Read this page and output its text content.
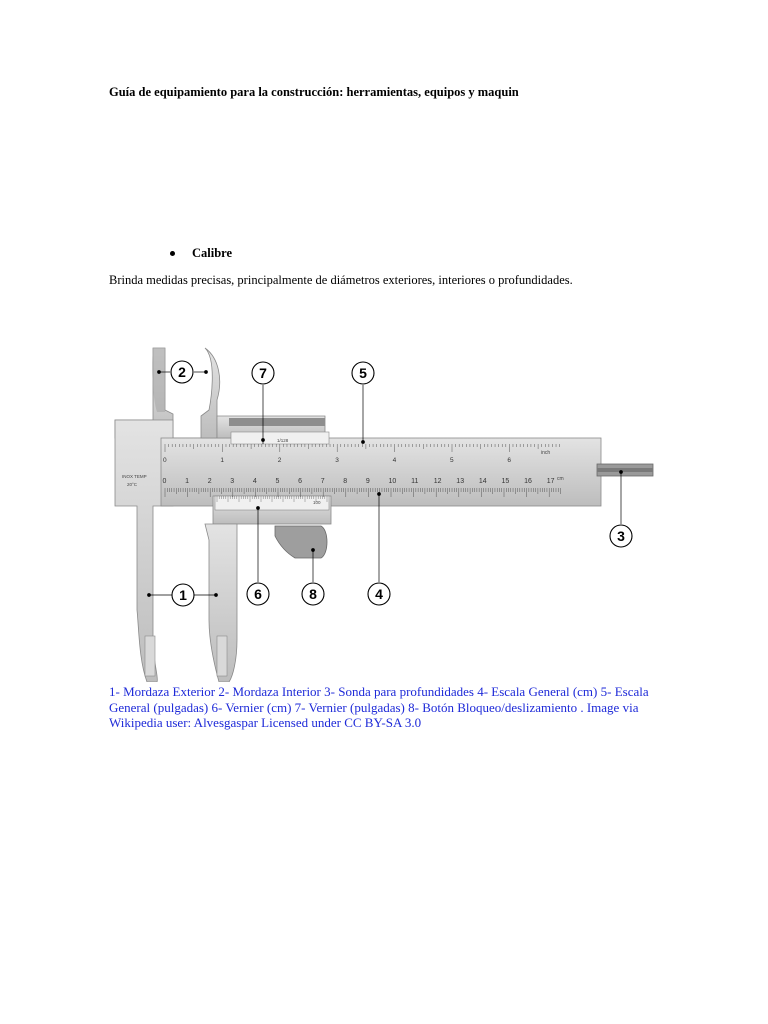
Guía de equipamiento para la construcción: herramientas, equipos y maquin
Calibre
Brinda medidas precisas, principalmente de diámetros exteriores, interiores o profundidades.
0	1	2	3	4	5	6	7	8	9	10 11 12 13 14 15 16 17
0	1	2	3	4	5	6
INOX TEMP
20°C
cm
inch
1/128
100
1
2
3
4
5
6
7
8
1- Mordaza Exterior 2- Mordaza Interior 3- Sonda para profundidades 4- Escala General (cm) 5- Escala General (pulgadas) 6- Vernier (cm) 7- Vernier (pulgadas) 8- Botón Bloqueo/deslizamiento . Image via Wikipedia user: Alvesgaspar Licensed under CC BY-SA 3.0
